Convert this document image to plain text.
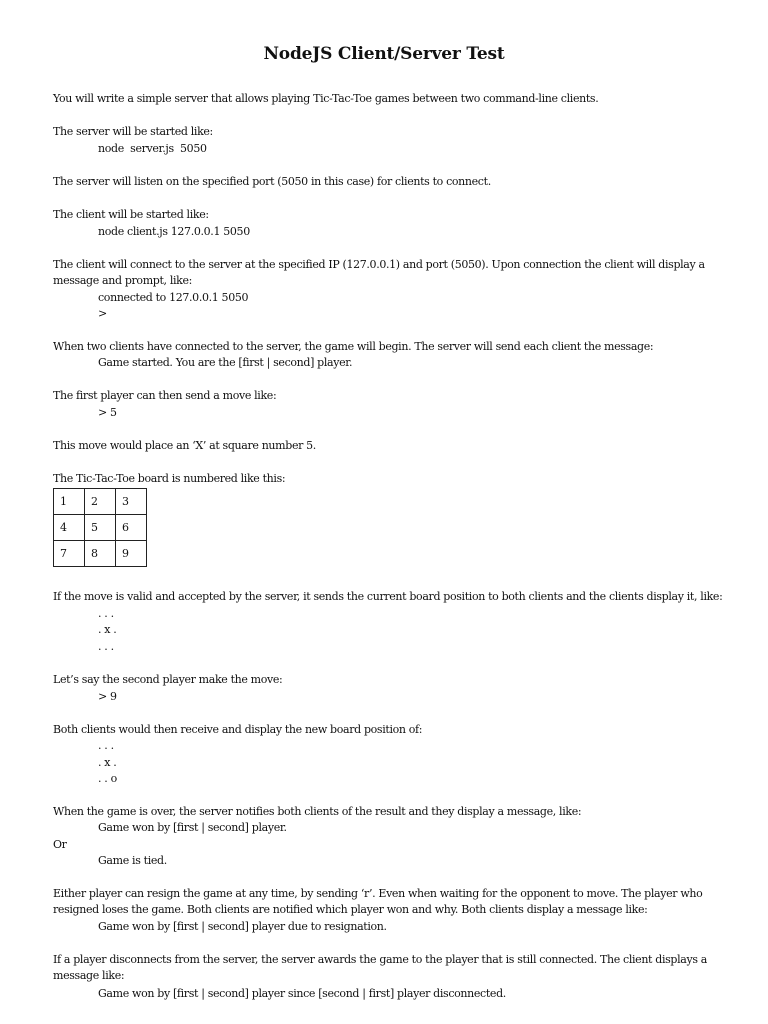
NodeJS Client/Server Test
You will write a simple server that allows playing Tic-Tac-Toe games between two command-line clients.
The server will be started like:
node  server.js  5050
The server will listen on the specified port (5050 in this case) for clients to connect.
The client will be started like:
node client.js 127.0.0.1 5050
The client will connect to the server at the specified IP (127.0.0.1) and port (5050). Upon connection the client will display a message and prompt, like:
connected to 127.0.0.1 5050
>
When two clients have connected to the server, the game will begin. The server will send each client the message:
Game started. You are the [first | second] player.
The first player can then send a move like:
> 5
This move would place an ‘X’ at square number 5.
The Tic-Tac-Toe board is numbered like this:
1	2	3
4	5	6
7	8	9
If the move is valid and accepted by the server, it sends the current board position to both clients and the clients display it, like:
. . .
. x .
. . .
Let’s say the second player make the move:
> 9
Both clients would then receive and display the new board position of:
. . .
. x .
. . o
When the game is over, the server notifies both clients of the result and they display a message, like:
Game won by [first | second] player.
Or
Game is tied.
Either player can resign the game at any time, by sending ‘r’. Even when waiting for the opponent to move. The player who resigned loses the game. Both clients are notified which player won and why. Both clients display a message like:
Game won by [first | second] player due to resignation.
If a player disconnects from the server, the server awards the game to the player that is still connected. The client displays a message like:
Game won by [first | second] player since [second | first] player disconnected.
